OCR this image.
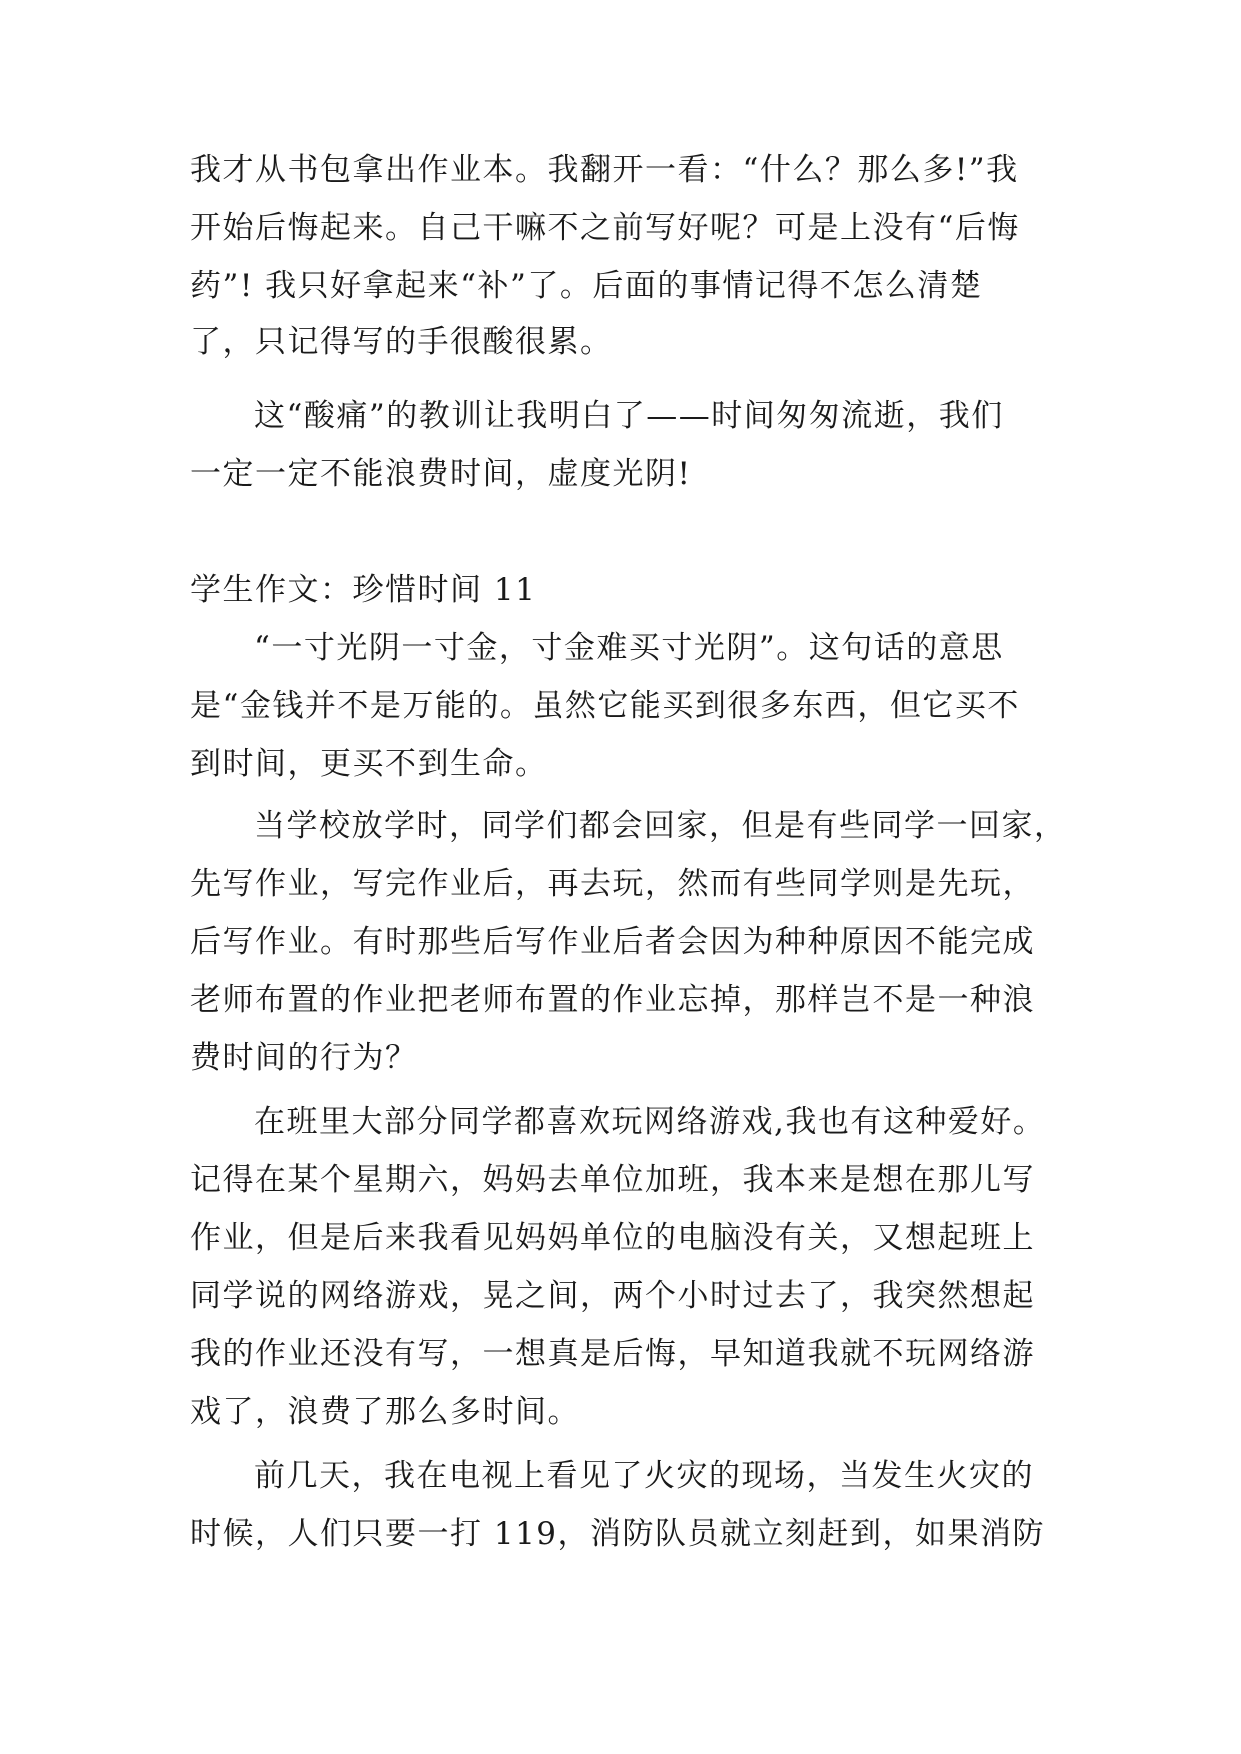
我才从书包拿出作业本。我翻开一看：“什么？那么多!”我
开始后悔起来。自己干嘛不之前写好呢？可是上没有“后悔
药”! 我只好拿起来“补”了。后面的事情记得不怎么清楚
了，只记得写的手很酸很累。
这“酸痛”的教训让我明白了——时间匆匆流逝，我们
一定一定不能浪费时间，虚度光阴!
学生作文：珍惜时间 11
“一寸光阴一寸金，寸金难买寸光阴”。这句话的意思
是“金钱并不是万能的。虽然它能买到很多东西，但它买不
到时间，更买不到生命。
当学校放学时，同学们都会回家，但是有些同学一回家，
先写作业，写完作业后，再去玩，然而有些同学则是先玩，
后写作业。有时那些后写作业后者会因为种种原因不能完成
老师布置的作业把老师布置的作业忘掉，那样岂不是一种浪
费时间的行为？
在班里大部分同学都喜欢玩网络游戏,我也有这种爱好。
记得在某个星期六，妈妈去单位加班，我本来是想在那儿写
作业，但是后来我看见妈妈单位的电脑没有关，又想起班上
同学说的网络游戏，晃之间，两个小时过去了，我突然想起
我的作业还没有写，一想真是后悔，早知道我就不玩网络游
戏了，浪费了那么多时间。
前几天，我在电视上看见了火灾的现场，当发生火灾的
时候，人们只要一打 119，消防队员就立刻赶到，如果消防
